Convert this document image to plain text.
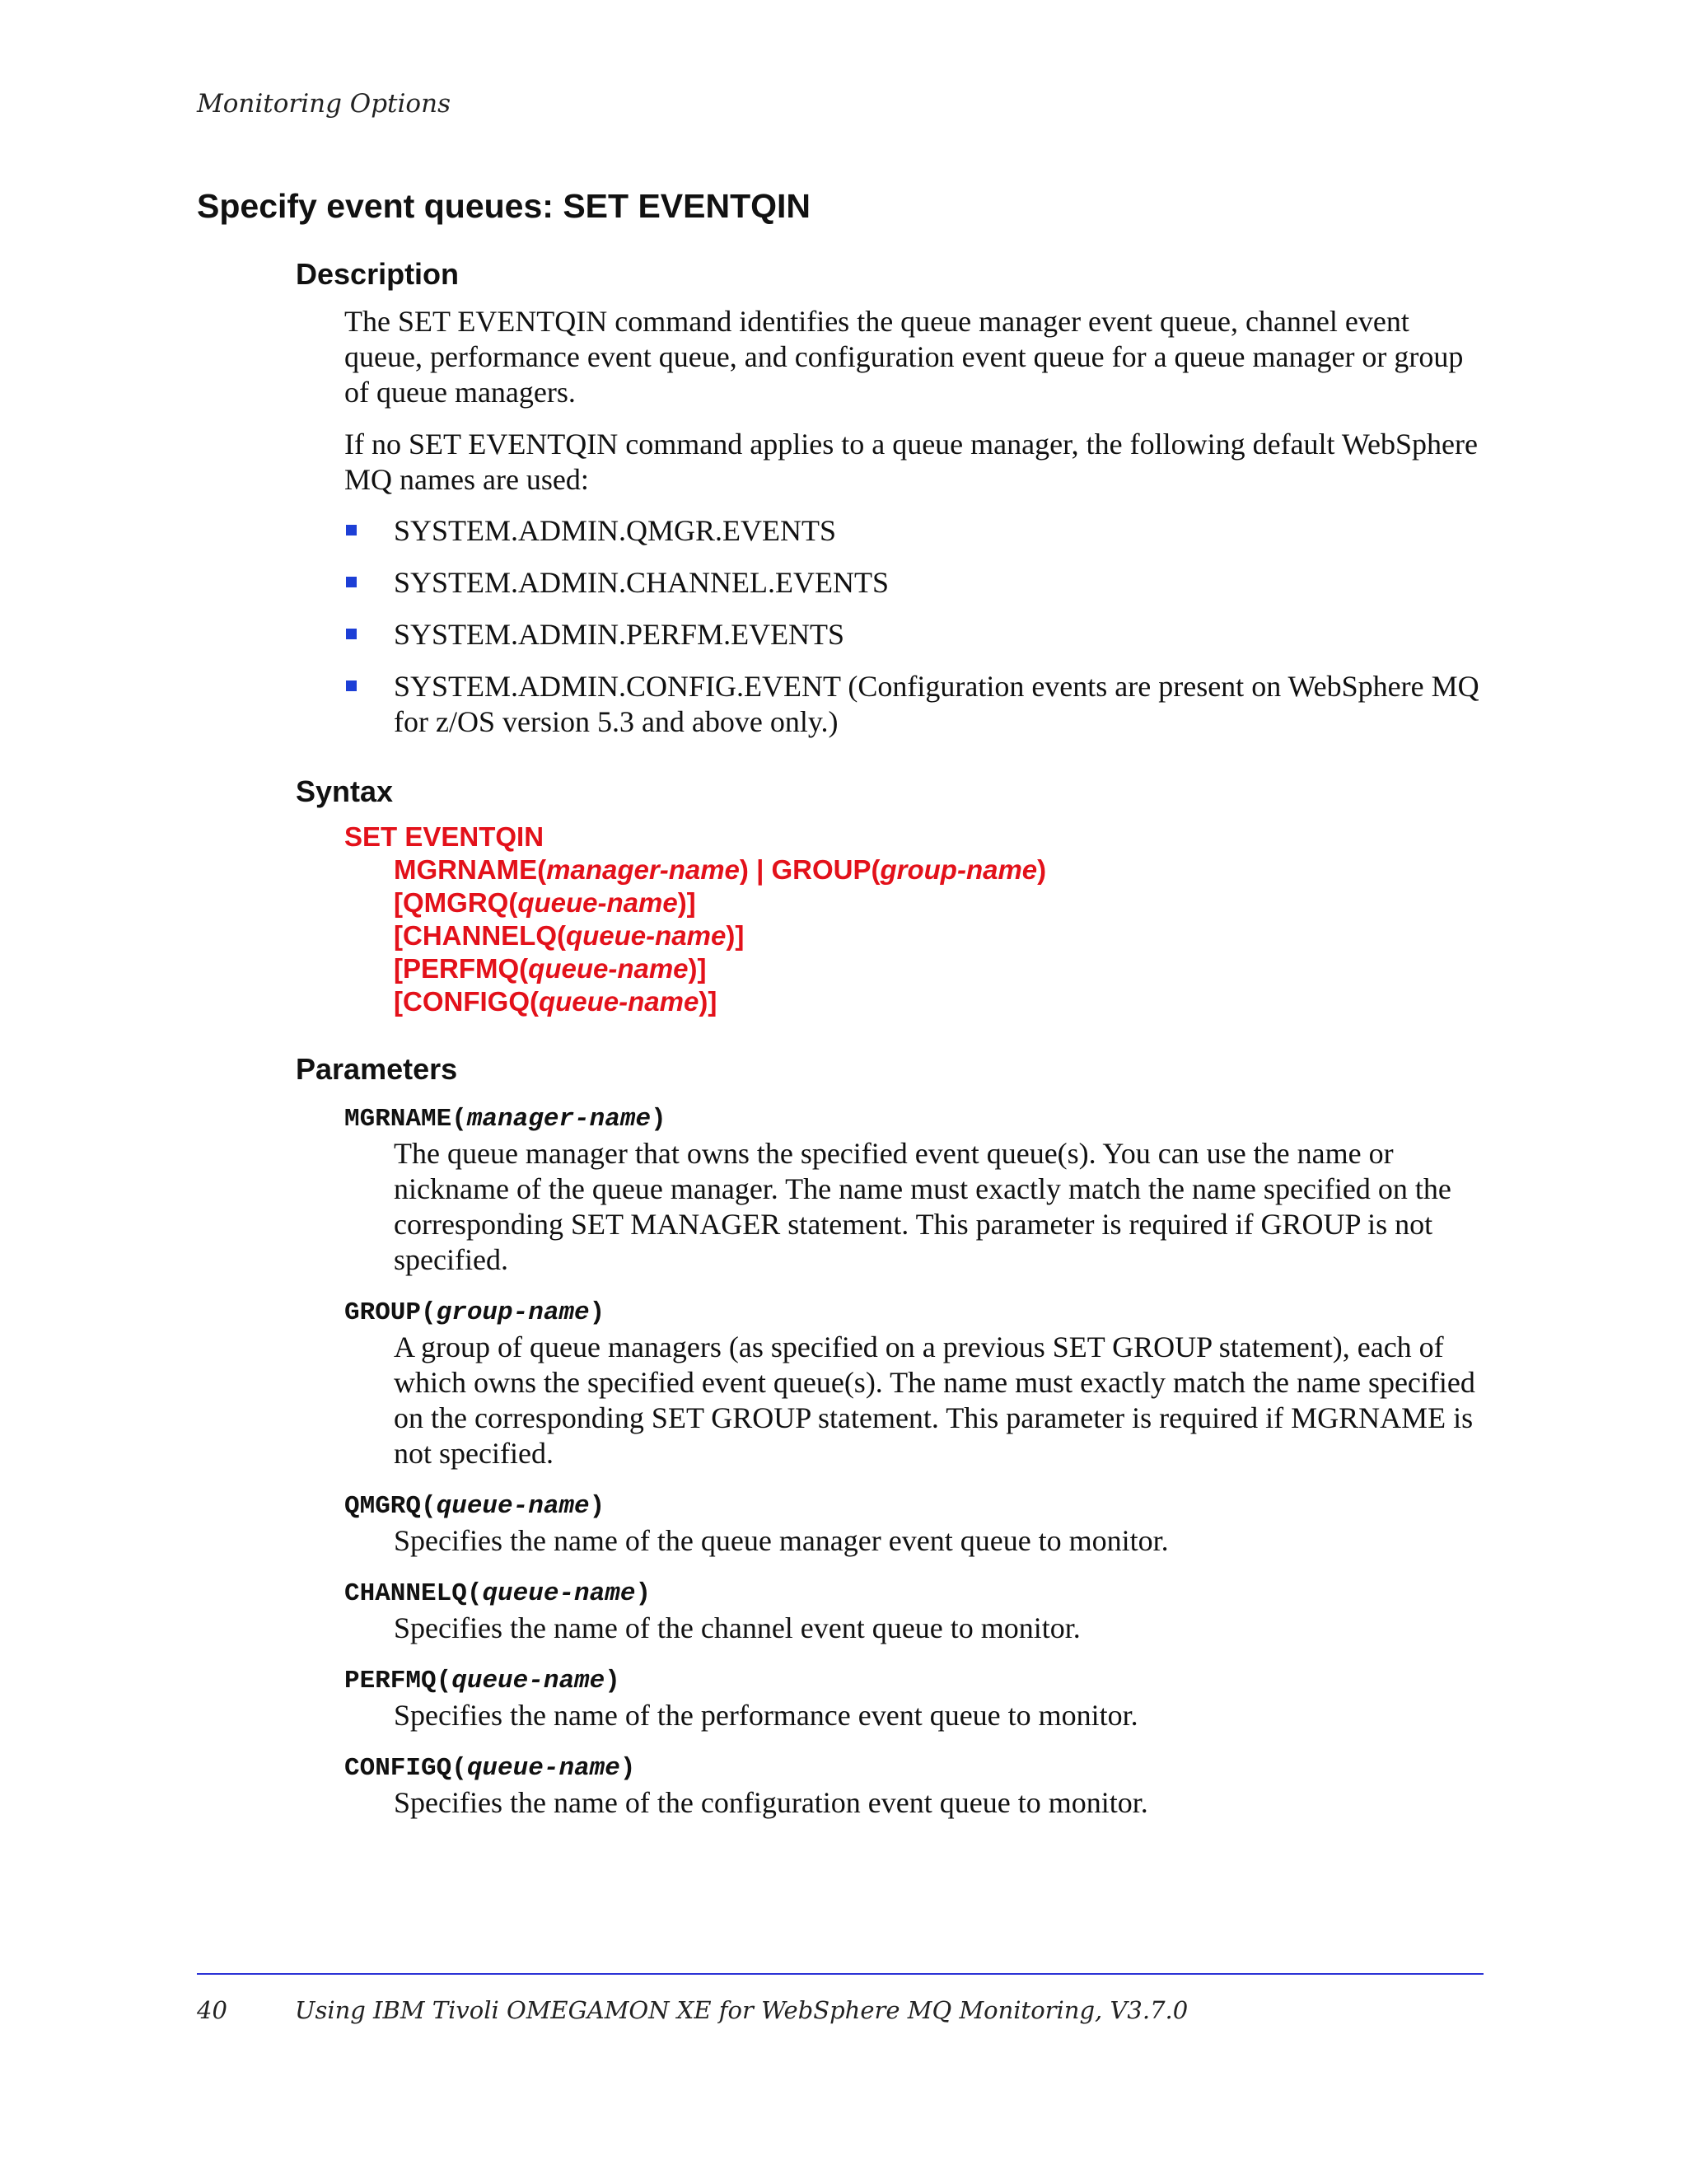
Monitoring Options
Specify event queues: SET EVENTQIN
Description
The SET EVENTQIN command identifies the queue manager event queue, channel event queue, performance event queue, and configuration event queue for a queue manager or group of queue managers.
If no SET EVENTQIN command applies to a queue manager, the following default WebSphere MQ names are used:
SYSTEM.ADMIN.QMGR.EVENTS
SYSTEM.ADMIN.CHANNEL.EVENTS
SYSTEM.ADMIN.PERFM.EVENTS
SYSTEM.ADMIN.CONFIG.EVENT (Configuration events are present on WebSphere MQ for z/OS version 5.3 and above only.)
Syntax
SET EVENTQIN
MGRNAME(manager-name) | GROUP(group-name)
[QMGRQ(queue-name)]
[CHANNELQ(queue-name)]
[PERFMQ(queue-name)]
[CONFIGQ(queue-name)]
Parameters
MGRNAME(manager-name)
The queue manager that owns the specified event queue(s). You can use the name or nickname of the queue manager. The name must exactly match the name specified on the corresponding SET MANAGER statement. This parameter is required if GROUP is not specified.
GROUP(group-name)
A group of queue managers (as specified on a previous SET GROUP statement), each of which owns the specified event queue(s). The name must exactly match the name specified on the corresponding SET GROUP statement. This parameter is required if MGRNAME is not specified.
QMGRQ(queue-name)
Specifies the name of the queue manager event queue to monitor.
CHANNELQ(queue-name)
Specifies the name of the channel event queue to monitor.
PERFMQ(queue-name)
Specifies the name of the performance event queue to monitor.
CONFIGQ(queue-name)
Specifies the name of the configuration event queue to monitor.
40	Using IBM Tivoli OMEGAMON XE for WebSphere MQ Monitoring, V3.7.0
